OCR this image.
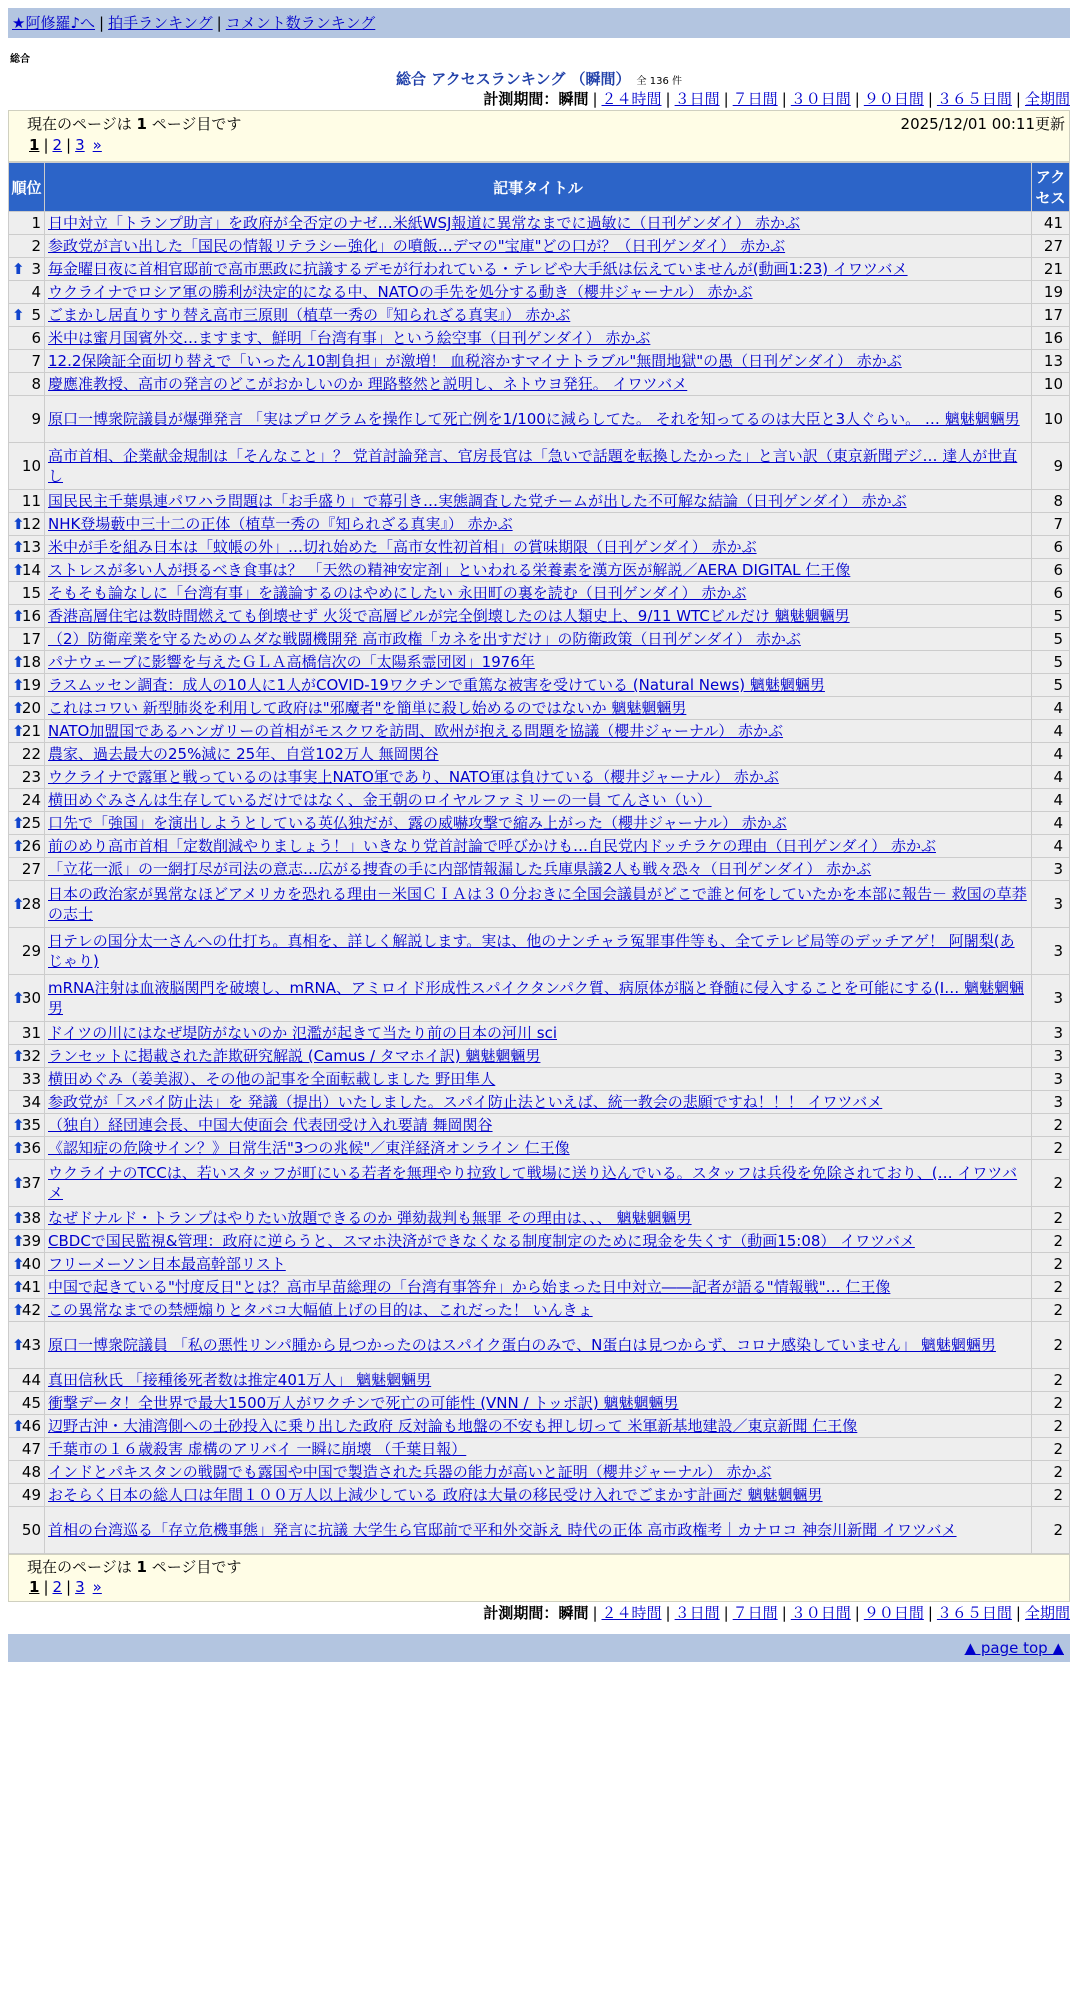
★阿修羅♪へ | 拍手ランキング | コメント数ランキング
総合
総合 アクセスランキング （瞬間） 全 136 件
計測期間：瞬間 | ２４時間 | ３日間 | ７日間 | ３０日間 | ９０日間 | ３６５日間 | 全期間
現在のページは 1 ページ目です	2025/12/01 00:11更新
1 | 2 | 3 »
順位	記事タイトル	アクセス
1	日中対立「トランプ助言」を政府が全否定のナゼ…米紙WSJ報道に異常なまでに過敏に（日刊ゲンダイ） 赤かぶ	41
2	参政党が言い出した「国民の情報リテラシー強化」の噴飯…デマの"宝庫"どの口が？（日刊ゲンダイ） 赤かぶ	27

⬆ 3	毎金曜日夜に首相官邸前で高市悪政に抗議するデモが行われている・テレビや大手紙は伝えていませんが(動画1:23) イワツバメ	21
4	ウクライナでロシア軍の勝利が決定的になる中、NATOの手先を処分する動き（櫻井ジャーナル） 赤かぶ	19

⬆ 5	ごまかし居直りすり替え高市三原則（植草一秀の『知られざる真実』） 赤かぶ	17
6	米中は蜜月国賓外交…ますます、鮮明「台湾有事」という絵空事（日刊ゲンダイ） 赤かぶ	16
7	12.2保険証全面切り替えで「いったん10割負担」が激増！ 血税溶かすマイナトラブル"無間地獄"の愚（日刊ゲンダイ） 赤かぶ	13
8	慶應准教授、高市の発言のどこがおかしいのか 理路整然と説明し、ネトウヨ発狂。 イワツバメ	10
9	原口一博衆院議員が爆弾発言 「実はプログラムを操作して死亡例を1/100に減らしてた。 それを知ってるのは大臣と3人ぐらい。 … 魑魅魍魎男	10
10	高市首相、企業献金規制は「そんなこと」？ 党首討論発言、官房長官は「急いで話題を転換したかった」と言い訳（東京新聞デジ… 達人が世直し	9
11	国民民主千葉県連パワハラ問題は「お手盛り」で幕引き…実態調査した党チームが出した不可解な結論（日刊ゲンダイ） 赤かぶ	8

⬆
12	NHK登場藪中三十二の正体（植草一秀の『知られざる真実』） 赤かぶ	7

⬆
13	米中が手を組み日本は「蚊帳の外」…切れ始めた「高市女性初首相」の賞味期限（日刊ゲンダイ） 赤かぶ	6

⬆
14	ストレスが多い人が摂るべき食事は？ 「天然の精神安定剤」といわれる栄養素を漢方医が解説／AERA DIGITAL 仁王像	6
15	そもそも論なしに「台湾有事」を議論するのはやめにしたい 永田町の裏を読む（日刊ゲンダイ） 赤かぶ	6

⬆
16	香港高層住宅は数時間燃えても倒壊せず 火災で高層ビルが完全倒壊したのは人類史上、9/11 WTCビルだけ 魑魅魍魎男	5
17	（2）防衛産業を守るためのムダな戦闘機開発 高市政権「カネを出すだけ」の防衛政策（日刊ゲンダイ） 赤かぶ	5

⬆
18	パナウェーブに影響を与えたＧＬＡ高橋信次の「太陽系霊団図」1976年	5

⬆
19	ラスムッセン調査：成人の10人に1人がCOVID-19ワクチンで重篤な被害を受けている (Natural News) 魑魅魍魎男	5

⬆
20	これはコワい 新型肺炎を利用して政府は"邪魔者"を簡単に殺し始めるのではないか 魑魅魍魎男	4

⬆
21	NATO加盟国であるハンガリーの首相がモスクワを訪問、欧州が抱える問題を協議（櫻井ジャーナル） 赤かぶ	4
22	農家、過去最大の25%減に 25年、自営102万人 無岡関谷	4
23	ウクライナで露軍と戦っているのは事実上NATO軍であり、NATO軍は負けている（櫻井ジャーナル） 赤かぶ	4
24	横田めぐみさんは生存しているだけではなく、金王朝のロイヤルファミリーの一員 てんさい（い）	4

⬆
25	口先で「強国」を演出しようとしている英仏独だが、露の威嚇攻撃で縮み上がった（櫻井ジャーナル） 赤かぶ	4

⬆
26	前のめり高市首相「定数削減やりましょう！」いきなり党首討論で呼びかけも…自民党内ドッチラケの理由（日刊ゲンダイ） 赤かぶ	4
27	「立花一派」の一網打尽が司法の意志…広がる捜査の手に内部情報漏した兵庫県議2人も戦々恐々（日刊ゲンダイ） 赤かぶ	3

⬆
28	日本の政治家が異常なほどアメリカを恐れる理由－米国ＣＩＡは３０分おきに全国会議員がどこで誰と何をしていたかを本部に報告－ 救国の草莽の志士	3
29	日テレの国分太一さんへの仕打ち。真相を、詳しく解説します。実は、他のナンチャラ冤罪事件等も、全てテレビ局等のデッチアゲ！ 阿闍梨(あじゃり)	3

⬆
30	mRNA注射は血液脳関門を破壊し、mRNA、アミロイド形成性スパイクタンパク質、病原体が脳と脊髄に侵入することを可能にする(I… 魑魅魍魎男	3
31	ドイツの川にはなぜ堤防がないのか 氾濫が起きて当たり前の日本の河川 sci	3

⬆
32	ランセットに掲載された詐欺研究解説 (Camus / タマホイ訳) 魑魅魍魎男	3
33	横田めぐみ（姜美淑）、その他の記事を全面転載しました 野田隼人	3
34	参政党が「スパイ防止法」を 発議（提出）いたしました。スパイ防止法といえば、統一教会の悲願ですね！！！ イワツバメ	3

⬆
35	（独自）経団連会長、中国大使面会 代表団受け入れ要請 舞岡関谷	2

⬆
36	《認知症の危険サイン？》日常生活"3つの兆候"／東洋経済オンライン 仁王像	2

⬆
37	ウクライナのTCCは、若いスタッフが町にいる若者を無理やり拉致して戦場に送り込んでいる。スタッフは兵役を免除されており、(… イワツバメ	2

⬆
38	なぜドナルド・トランプはやりたい放題できるのか 弾劾裁判も無罪 その理由は、、、 魑魅魍魎男	2

⬆
39	CBDCで国民監視&管理：政府に逆らうと、スマホ決済ができなくなる制度制定のために現金を失くす（動画15:08） イワツバメ	2

⬆
40	フリーメーソン日本最高幹部リスト	2

⬆
41	中国で起きている"忖度反日"とは？高市早苗総理の「台湾有事答弁」から始まった日中対立――記者が語る"情報戦"… 仁王像	2

⬆
42	この異常なまでの禁煙煽りとタバコ大幅値上げの目的は、これだった！ いんきょ	2

⬆
43	原口一博衆院議員 「私の悪性リンパ腫から見つかったのはスパイク蛋白のみで、N蛋白は見つからず、コロナ感染していません」 魑魅魍魎男	2
44	真田信秋氏 「接種後死者数は推定401万人」 魑魅魍魎男	2
45	衝撃データ！全世界で最大1500万人がワクチンで死亡の可能性 (VNN / トッポ訳) 魑魅魍魎男	2

⬆
46	辺野古沖・大浦湾側への土砂投入に乗り出した政府 反対論も地盤の不安も押し切って 米軍新基地建設／東京新聞 仁王像	2
47	千葉市の１６歳殺害 虚構のアリバイ 一瞬に崩壊 （千葉日報）	2
48	インドとパキスタンの戦闘でも露国や中国で製造された兵器の能力が高いと証明（櫻井ジャーナル） 赤かぶ	2
49	おそらく日本の総人口は年間１００万人以上減少している 政府は大量の移民受け入れでごまかす計画だ 魑魅魍魎男	2
50	首相の台湾巡る「存立危機事態」発言に抗議 大学生ら官邸前で平和外交訴え 時代の正体 高市政権考｜カナロコ 神奈川新聞 イワツバメ	2
現在のページは 1 ページ目です
1 | 2 | 3 »
計測期間：瞬間 | ２４時間 | ３日間 | ７日間 | ３０日間 | ９０日間 | ３６５日間 | 全期間
▲ page top ▲
